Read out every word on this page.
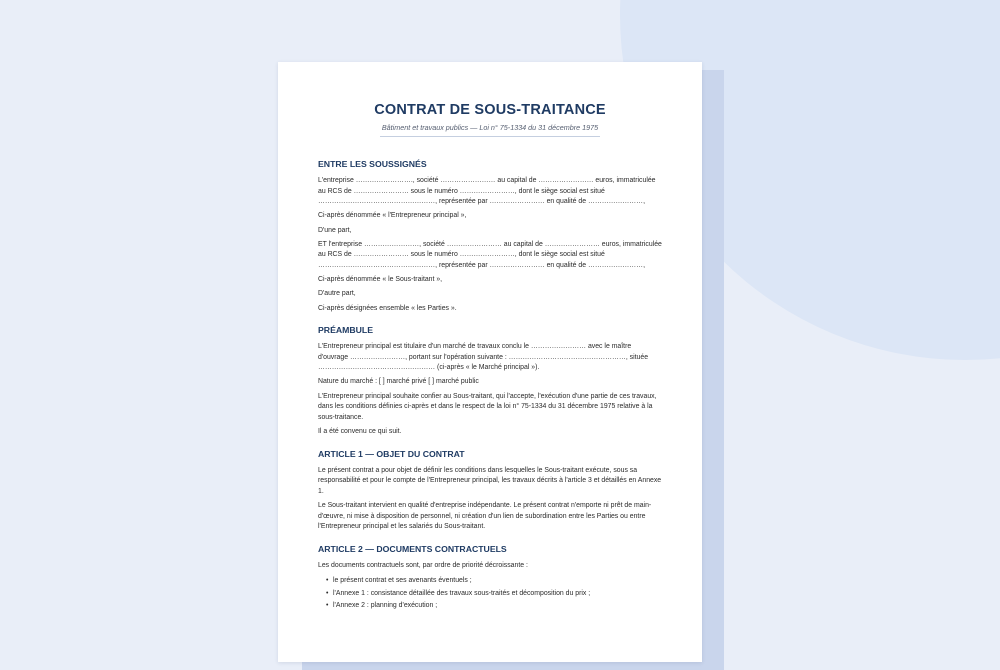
CONTRAT DE SOUS-TRAITANCE
Bâtiment et travaux publics — Loi n° 75-1334 du 31 décembre 1975
ENTRE LES SOUSSIGNÉS

L'entreprise ……………………., société …………………… au capital de …………………… euros, immatriculée au RCS de …………………… sous le numéro ……………………, dont le siège social est situé ……………………………………………, représentée par …………………… en qualité de ……………………,

Ci-après dénommée « l'Entrepreneur principal »,

D'une part,

ET l'entreprise ……………………, société …………………… au capital de …………………… euros, immatriculée au RCS de …………………… sous le numéro ……………………, dont le siège social est situé ……………………………………………, représentée par …………………… en qualité de ……………………,

Ci-après dénommée « le Sous-traitant »,

D'autre part,

Ci-après désignées ensemble « les Parties ».

PRÉAMBULE

L'Entrepreneur principal est titulaire d'un marché de travaux conclu le …………………… avec le maître d'ouvrage ……………………, portant sur l'opération suivante : ……………………………………………, située …………………………………………… (ci-après « le Marché principal »).

Nature du marché : [ ] marché privé [ ] marché public

L'Entrepreneur principal souhaite confier au Sous-traitant, qui l'accepte, l'exécution d'une partie de ces travaux, dans les conditions définies ci-après et dans le respect de la loi n° 75-1334 du 31 décembre 1975 relative à la sous-traitance.

Il a été convenu ce qui suit.

ARTICLE 1 — OBJET DU CONTRAT

Le présent contrat a pour objet de définir les conditions dans lesquelles le Sous-traitant exécute, sous sa responsabilité et pour le compte de l'Entrepreneur principal, les travaux décrits à l'article 3 et détaillés en Annexe 1.

Le Sous-traitant intervient en qualité d'entreprise indépendante. Le présent contrat n'emporte ni prêt de main-d'œuvre, ni mise à disposition de personnel, ni création d'un lien de subordination entre les Parties ou entre l'Entrepreneur principal et les salariés du Sous-traitant.

ARTICLE 2 — DOCUMENTS CONTRACTUELS

Les documents contractuels sont, par ordre de priorité décroissante :

• le présent contrat et ses avenants éventuels ;
• l'Annexe 1 : consistance détaillée des travaux sous-traités et décomposition du prix ;
• l'Annexe 2 : planning d'exécution ;
